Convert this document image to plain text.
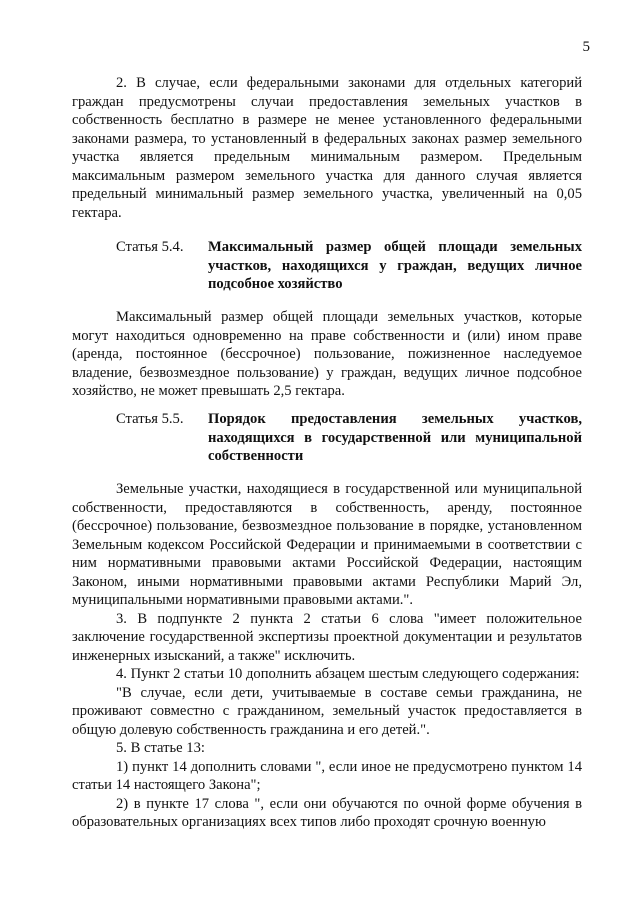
5

2. В случае, если федеральными законами для отдельных категорий граждан предусмотрены случаи предоставления земельных участков в собственность бесплатно в размере не менее установленного федеральными законами размера, то установленный в федеральных законах размер земельного участка является предельным минимальным размером. Предельным максимальным размером земельного участка для данного случая является предельный минимальный размер земельного участка, увеличенный на 0,05 гектара.

Статья 5.4.	Максимальный размер общей площади земельных участков, находящихся у граждан, ведущих личное подсобное хозяйство

Максимальный размер общей площади земельных участков, которые могут находиться одновременно на праве собственности и (или) ином праве (аренда, постоянное (бессрочное) пользование, пожизненное наследуемое владение, безвозмездное пользование) у граждан, ведущих личное подсобное хозяйство, не может превышать 2,5 гектара.

Статья 5.5.	Порядок предоставления земельных участков, находящихся в государственной или муниципальной собственности

Земельные участки, находящиеся в государственной или муниципальной собственности, предоставляются в собственность, аренду, постоянное (бессрочное) пользование, безвозмездное пользование в порядке, установленном Земельным кодексом Российской Федерации и принимаемыми в соответствии с ним нормативными правовыми актами Российской Федерации, настоящим Законом, иными нормативными правовыми актами Республики Марий Эл, муниципальными нормативными правовыми актами.".

3. В подпункте 2 пункта 2 статьи 6 слова "имеет положительное заключение государственной экспертизы проектной документации и результатов инженерных изысканий, а также" исключить.

4. Пункт 2 статьи 10 дополнить абзацем шестым следующего содержания:

"В случае, если дети, учитываемые в составе семьи гражданина, не проживают совместно с гражданином, земельный участок предоставляется в общую долевую собственность гражданина и его детей.".

5. В статье 13:

1) пункт 14 дополнить словами ", если иное не предусмотрено пунктом 14 статьи 14 настоящего Закона";

2) в пункте 17 слова ", если они обучаются по очной форме обучения в образовательных организациях всех типов либо проходят срочную военную
